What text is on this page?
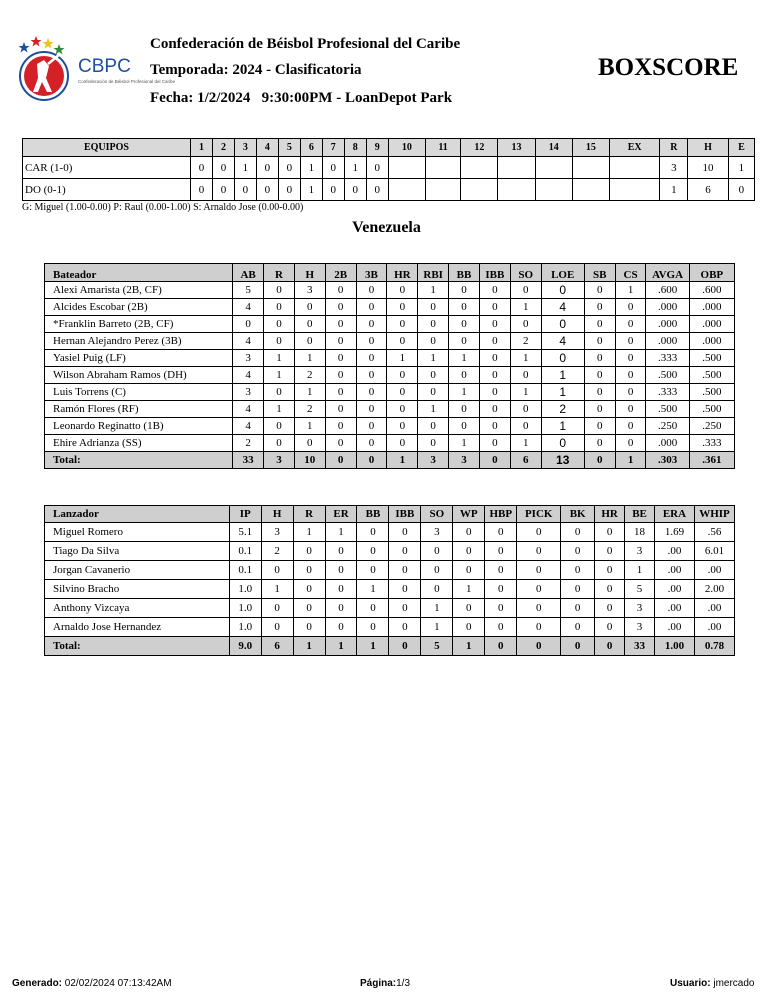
CBPC
Confederación de Béisbol Profesional del Caribe
Confederación de Béisbol Profesional del Caribe
Temporada: 2024 - Clasificatoria
Fecha: 1/2/2024   9:30:00PM - LoanDepot Park
BOXSCORE
EQUIPOS	1	2	3	4	5	6	7	8	9	10	11	12	13	14	15	EX	R	H	E
CAR (1-0)	0	0	1	0	0	1	0	1	0								3	10	1
DO (0-1)	0	0	0	0	0	1	0	0	0								1	6	0
G: Miguel (1.00-0.00) P: Raul (0.00-1.00) S: Arnaldo Jose (0.00-0.00)
Venezuela
Bateador	AB	R	H	2B	3B	HR	RBI	BB	IBB	SO	LOE	SB	CS	AVGA	OBP
Alexi Amarista (2B, CF)	5	0	3	0	0	0	1	0	0	0	0	0	1	.600	.600
Alcides Escobar (2B)	4	0	0	0	0	0	0	0	0	1	4	0	0	.000	.000
*Franklin Barreto (2B, CF)	0	0	0	0	0	0	0	0	0	0	0	0	0	.000	.000
Hernan Alejandro Perez (3B)	4	0	0	0	0	0	0	0	0	2	4	0	0	.000	.000
Yasiel Puig (LF)	3	1	1	0	0	1	1	1	0	1	0	0	0	.333	.500
Wilson Abraham Ramos (DH)	4	1	2	0	0	0	0	0	0	0	1	0	0	.500	.500
Luis Torrens (C)	3	0	1	0	0	0	0	1	0	1	1	0	0	.333	.500
Ramón Flores (RF)	4	1	2	0	0	0	1	0	0	0	2	0	0	.500	.500
Leonardo Reginatto (1B)	4	0	1	0	0	0	0	0	0	0	1	0	0	.250	.250
Ehire Adrianza (SS)	2	0	0	0	0	0	0	1	0	1	0	0	0	.000	.333
Total:	33	3	10	0	0	1	3	3	0	6	13	0	1	.303	.361
Lanzador	IP	H	R	ER	BB	IBB	SO	WP	HBP	PICK	BK	HR	BE	ERA	WHIP
Miguel Romero	5.1	3	1	1	0	0	3	0	0	0	0	0	18	1.69	.56
Tiago Da Silva	0.1	2	0	0	0	0	0	0	0	0	0	0	3	.00	6.01
Jorgan Cavanerio	0.1	0	0	0	0	0	0	0	0	0	0	0	1	.00	.00
Silvino Bracho	1.0	1	0	0	1	0	0	1	0	0	0	0	5	.00	2.00
Anthony Vizcaya	1.0	0	0	0	0	0	1	0	0	0	0	0	3	.00	.00
Arnaldo Jose Hernandez	1.0	0	0	0	0	0	1	0	0	0	0	0	3	.00	.00
Total:	9.0	6	1	1	1	0	5	1	0	0	0	0	33	1.00	0.78
Generado: 02/02/2024 07:13:42AM	Página:1/3	Usuario: jmercado
